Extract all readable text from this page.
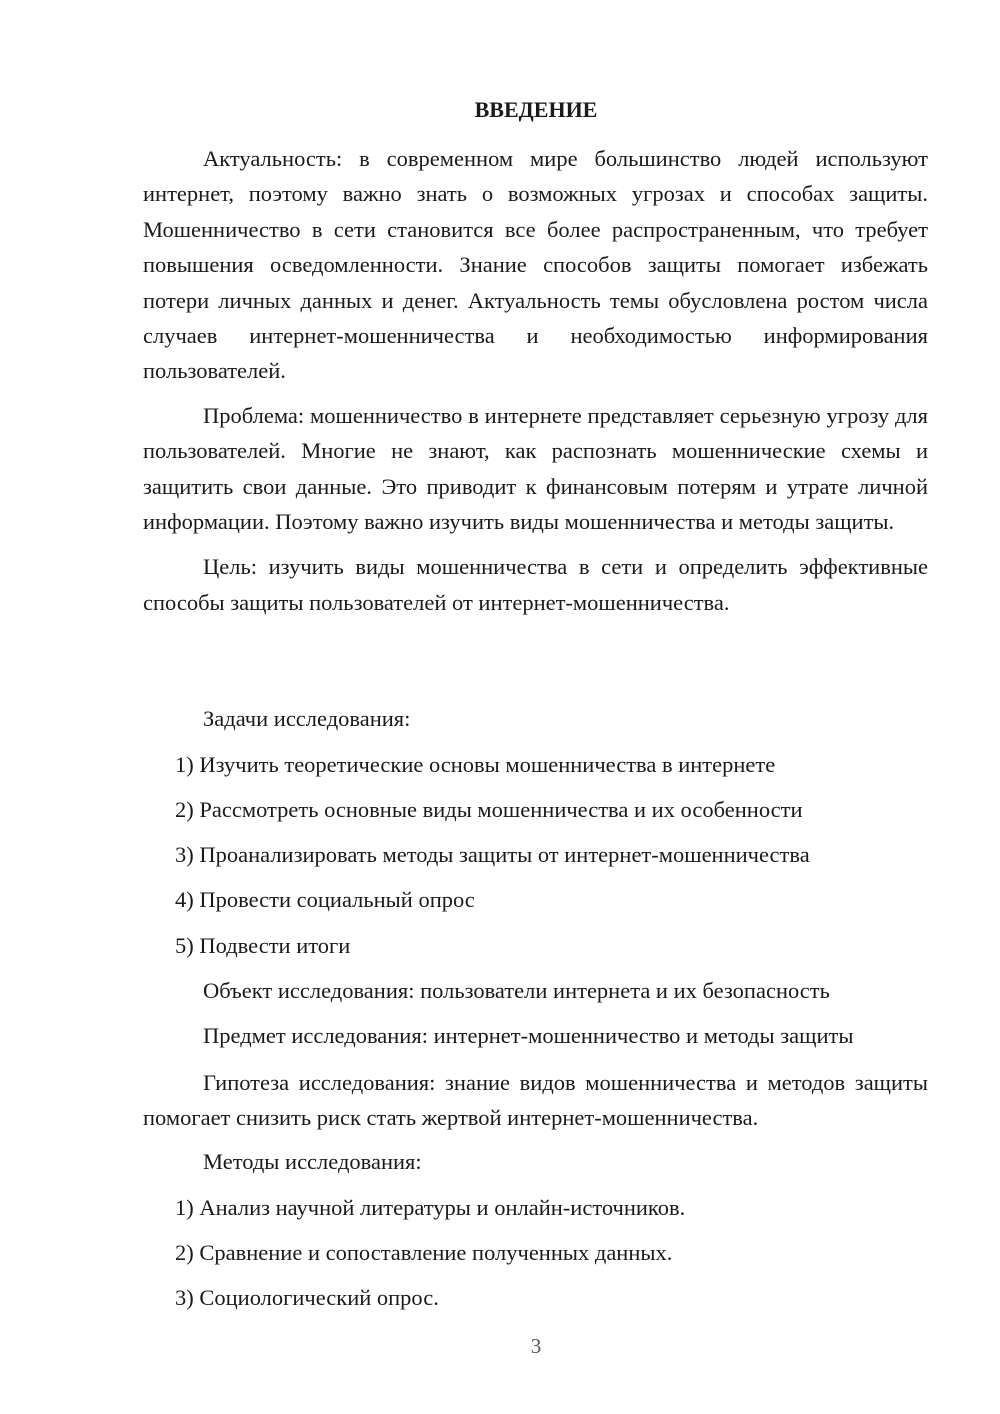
ВВЕДЕНИЕ

Актуальность: в современном мире большинство людей используют интернет, поэтому важно знать о возможных угрозах и способах защиты. Мошенничество в сети становится все более распространенным, что требует повышения осведомленности. Знание способов защиты помогает избежать потери личных данных и денег. Актуальность темы обусловлена ростом числа случаев интернет-мошенничества и необходимостью информирования пользователей.

Проблема: мошенничество в интернете представляет серьезную угрозу для пользователей. Многие не знают, как распознать мошеннические схемы и защитить свои данные. Это приводит к финансовым потерям и утрате личной информации. Поэтому важно изучить виды мошенничества и методы защиты.

Цель: изучить виды мошенничества в сети и определить эффективные способы защиты пользователей от интернет-мошенничества.

Задачи исследования:
1) Изучить теоретические основы мошенничества в интернете
2) Рассмотреть основные виды мошенничества и их особенности
3) Проанализировать методы защиты от интернет-мошенничества
4) Провести социальный опрос
5) Подвести итоги
Объект исследования: пользователи интернета и их безопасность
Предмет исследования: интернет-мошенничество и методы защиты

Гипотеза исследования: знание видов мошенничества и методов защиты помогает снизить риск стать жертвой интернет-мошенничества.

Методы исследования:
1) Анализ научной литературы и онлайн-источников.
2) Сравнение и сопоставление полученных данных.
3) Социологический опрос.
3
